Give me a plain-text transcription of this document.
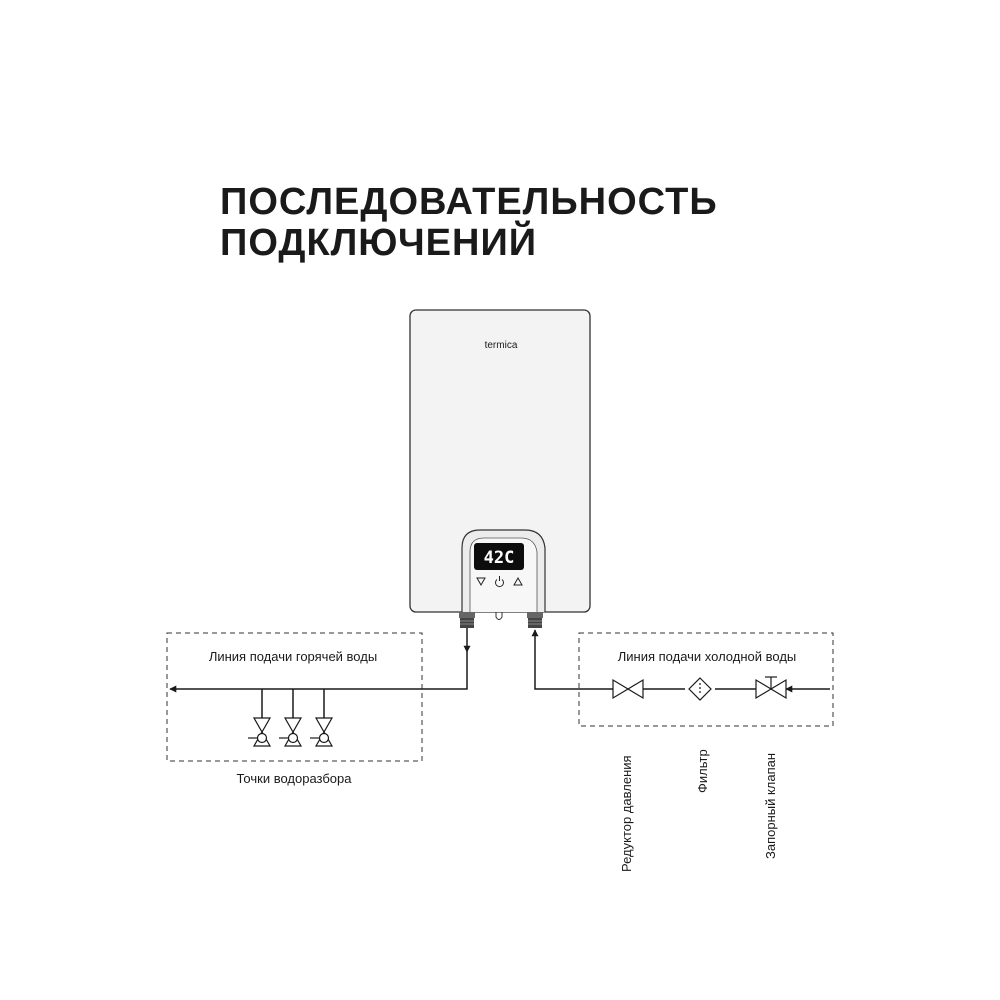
ПОСЛЕДОВАТЕЛЬНОСТЬ
ПОДКЛЮЧЕНИЙ
termica
42C
Линия подачи горячей воды	Линия подачи холодной воды
Точки водоразбора	Редуктор давления	Фильтр	Запорный клапан
